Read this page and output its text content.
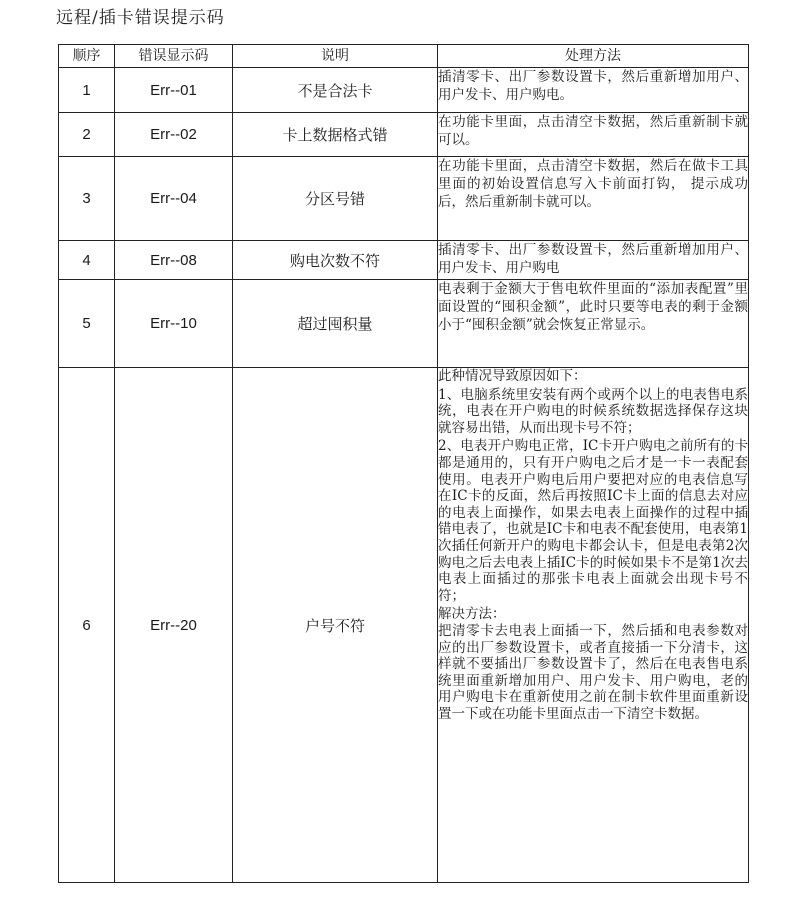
远程/插卡错误提示码
顺序	错误显示码	说明	处理方法
1	Err--01	不是合法卡	插清零卡、出厂参数设置卡，然后重新增加用户、用户发卡、用户购电。

2	Err--02	卡上数据格式错	在功能卡里面，点击清空卡数据，然后重新制卡就可以。

3	Err--04	分区号错	在功能卡里面，点击清空卡数据，然后在做卡工具里面的初始设置信息写入卡前面打钩， 提示成功后，然后重新制卡就可以。

4	Err--08	购电次数不符	插清零卡、出厂参数设置卡，然后重新增加用户、用户发卡、用户购电

5	Err--10	超过囤积量	电表剩于金额大于售电软件里面的“添加表配置”里面设置的“囤积金额”，此时只要等电表的剩于金额小于“囤积金额”就会恢复正常显示。

6	Err--20	户号不符	此种情况导致原因如下：

1、电脑系统里安装有两个或两个以上的电表售电系统，电表在开户购电的时候系统数据选择保存这块就容易出错，从而出现卡号不符；

2、电表开户购电正常，IC卡开户购电之前所有的卡都是通用的，只有开户购电之后才是一卡一表配套使用。电表开户购电后用户要把对应的电表信息写在IC卡的反面，然后再按照IC卡上面的信息去对应的电表上面操作，如果去电表上面操作的过程中插错电表了，也就是IC卡和电表不配套使用，电表第1次插任何新开户的购电卡都会认卡，但是电表第2次购电之后去电表上插IC卡的时候如果卡不是第1次去电表上面插过的那张卡电表上面就会出现卡号不符；

解决方法：
把清零卡去电表上面插一下，然后插和电表参数对应的出厂参数设置卡，或者直接插一下分清卡，这样就不要插出厂参数设置卡了，然后在电表售电系统里面重新增加用户、用户发卡、用户购电，老的用户购电卡在重新使用之前在制卡软件里面重新设置一下或在功能卡里面点击一下清空卡数据。
